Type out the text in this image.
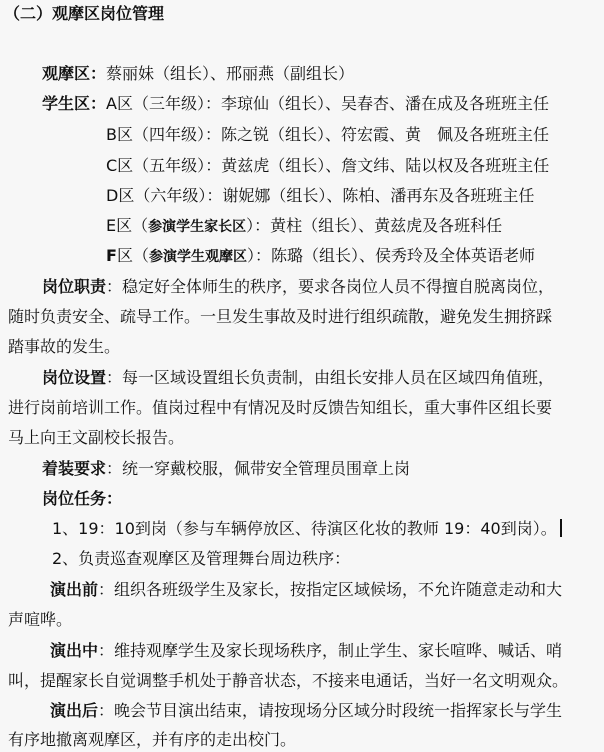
（二）观摩区岗位管理
观摩区：蔡丽妹（组长）、邢丽燕（副组长）
学生区：A区（三年级）：李琼仙（组长）、吴春杏、潘在成及各班班主任
B区（四年级）：陈之锐（组长）、符宏霞、黄　佩及各班班主任
C区（五年级）：黄兹虎（组长）、詹文纬、陆以权及各班班主任
D区（六年级）：谢妮娜（组长）、陈柏、潘再东及各班班主任
E区（参演学生家长区）：黄柱（组长）、黄兹虎及各班科任
F区（参演学生观摩区）：陈璐（组长）、侯秀玲及全体英语老师
岗位职责：稳定好全体师生的秩序，要求各岗位人员不得擅自脱离岗位，
随时负责安全、疏导工作。一旦发生事故及时进行组织疏散，避免发生拥挤踩
踏事故的发生。
岗位设置：每一区域设置组长负责制，由组长安排人员在区域四角值班，
进行岗前培训工作。值岗过程中有情况及时反馈告知组长，重大事件区组长要
马上向王文副校长报告。
着装要求：统一穿戴校服，佩带安全管理员围章上岗
岗位任务：
1、19：10到岗（参与车辆停放区、待演区化妆的教师 19：40到岗）。
2、负责巡查观摩区及管理舞台周边秩序：
演出前：组织各班级学生及家长，按指定区域候场，不允许随意走动和大
声喧哗。
演出中：维持观摩学生及家长现场秩序，制止学生、家长喧哗、喊话、哨
叫，提醒家长自觉调整手机处于静音状态，不接来电通话，当好一名文明观众。
演出后：晚会节目演出结束，请按现场分区域分时段统一指挥家长与学生
有序地撤离观摩区，并有序的走出校门。
